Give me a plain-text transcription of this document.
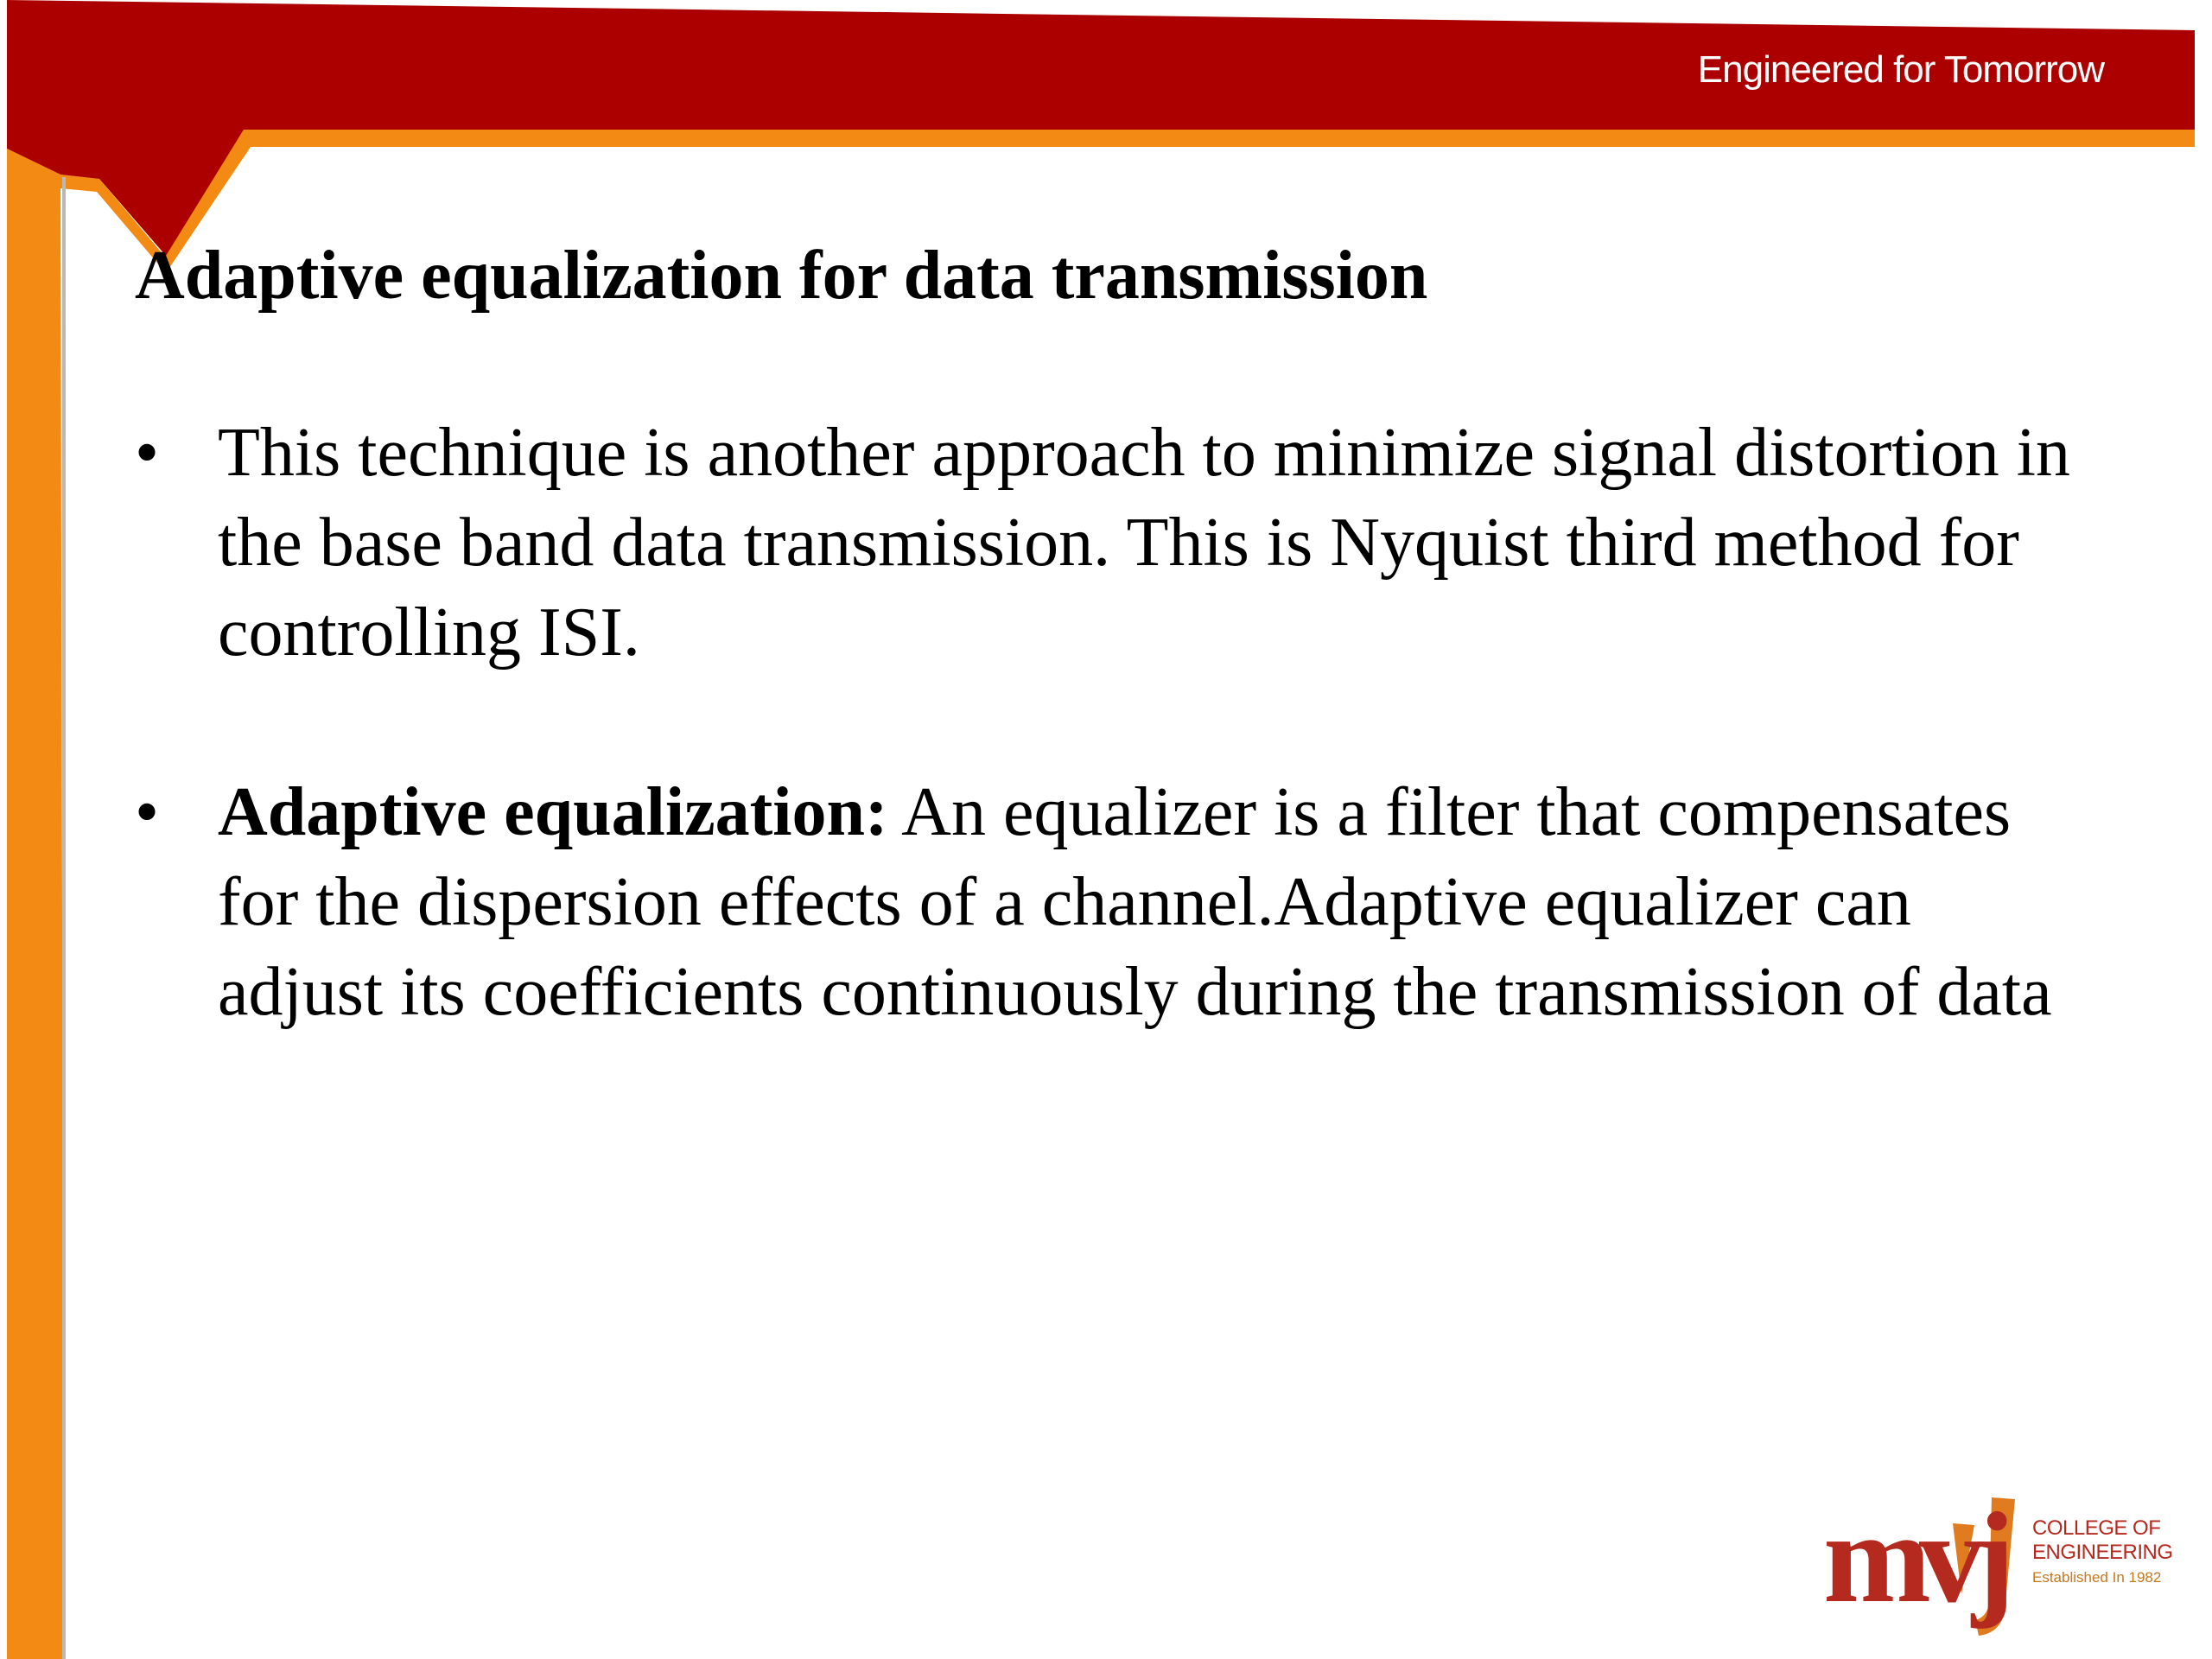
Engineered for Tomorrow
Adaptive equalization for data transmission
• This technique is another approach to minimize signal distortion in the base band data transmission. This is Nyquist third method for controlling ISI.
• Adaptive equalization: An equalizer is a filter that compensates for the dispersion effects of a channel.Adaptive equalizer can adjust its coefficients continuously during the transmission of data
mvj COLLEGE OF
ENGINEERING
Established In 1982
